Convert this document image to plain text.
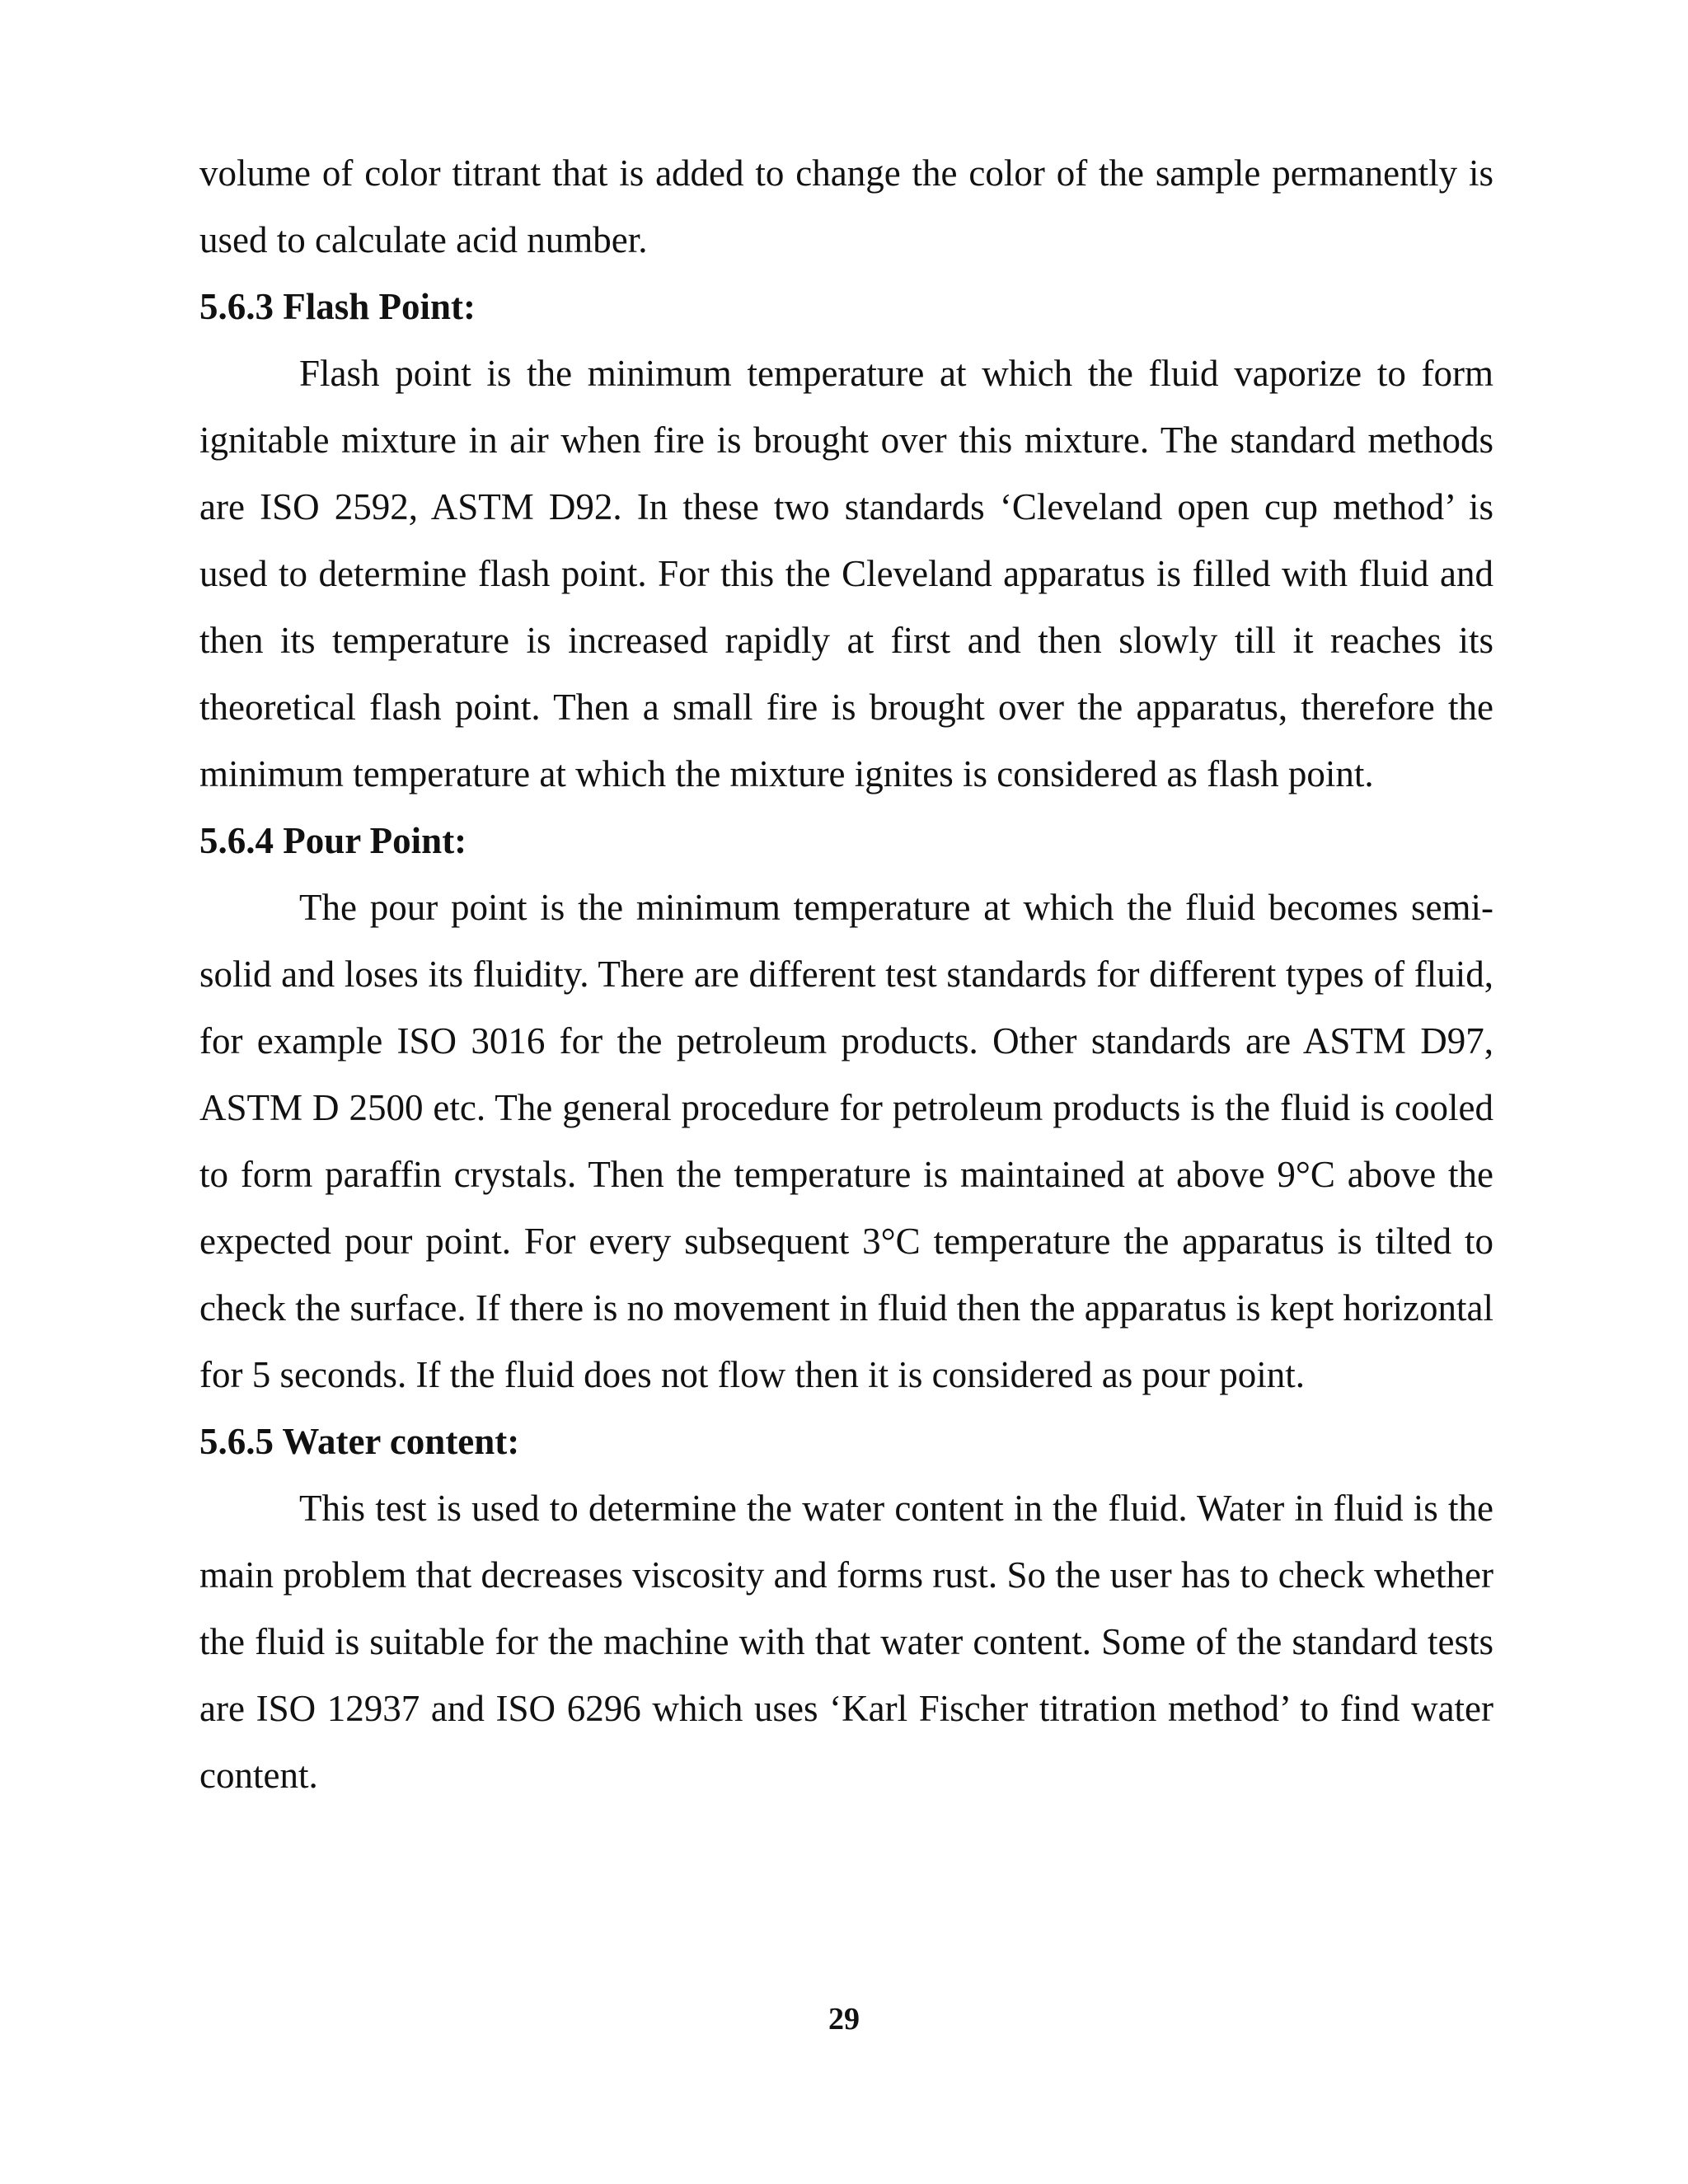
volume of color titrant that is added to change the color of the sample permanently is used to calculate acid number.

5.6.3 Flash Point:

Flash point is the minimum temperature at which the fluid vaporize to form ignitable mixture in air when fire is brought over this mixture. The standard methods are ISO 2592, ASTM D92. In these two standards ‘Cleveland open cup method’ is used to determine flash point. For this the Cleveland apparatus is filled with fluid and then its temperature is increased rapidly at first and then slowly till it reaches its theoretical flash point. Then a small fire is brought over the apparatus, therefore the minimum temperature at which the mixture ignites is considered as flash point.

5.6.4 Pour Point:

The pour point is the minimum temperature at which the fluid becomes semi-solid and loses its fluidity. There are different test standards for different types of fluid, for example ISO 3016 for the petroleum products. Other standards are ASTM D97, ASTM D 2500 etc. The general procedure for petroleum products is the fluid is cooled to form paraffin crystals. Then the temperature is maintained at above 9°C above the expected pour point. For every subsequent 3°C temperature the apparatus is tilted to check the surface. If there is no movement in fluid then the apparatus is kept horizontal for 5 seconds. If the fluid does not flow then it is considered as pour point.

5.6.5 Water content:

This test is used to determine the water content in the fluid. Water in fluid is the main problem that decreases viscosity and forms rust. So the user has to check whether the fluid is suitable for the machine with that water content. Some of the standard tests are ISO 12937 and ISO 6296 which uses ‘Karl Fischer titration method’ to find water content.

29
